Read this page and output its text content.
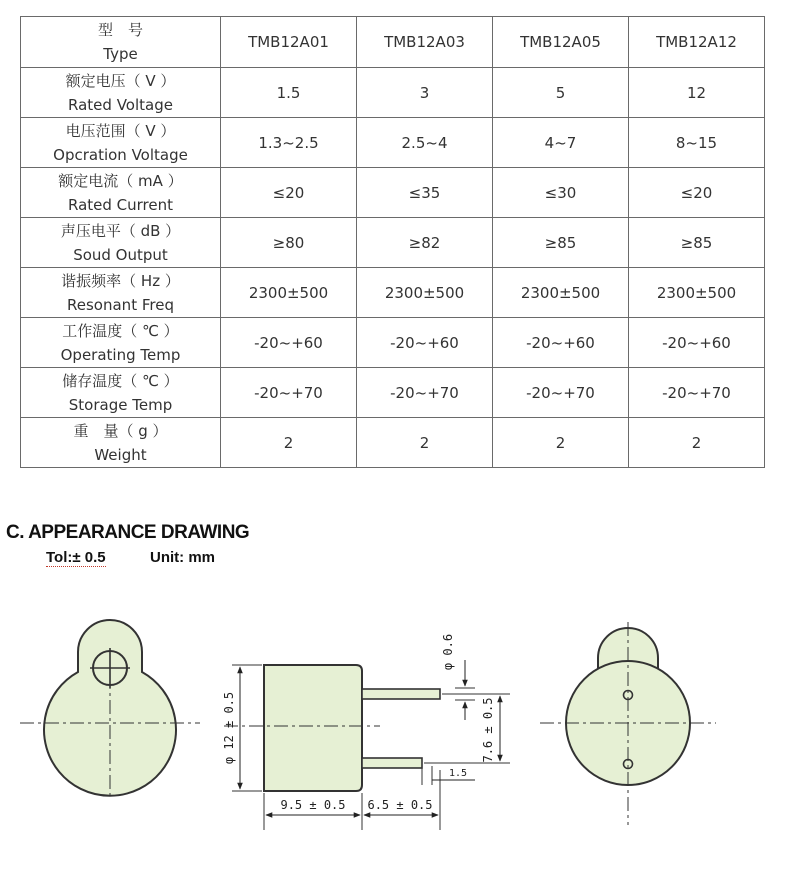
型　号
Type	TMB12A01	TMB12A03	TMB12A05	TMB12A12

额定电压（ V ）
Rated Voltage	1.5	3	5	12

电压范围（ V ）
Opcration Voltage	1.3~2.5	2.5~4	4~7	8~15

额定电流（ mA ）
Rated Current	≤20	≤35	≤30	≤20

声压电平（ dB ）
Soud Output	≥80	≥82	≥85	≥85

谐振频率（ Hz ）
Resonant Freq	2300±500	2300±500	2300±500	2300±500

工作温度（ ℃ ）
Operating Temp	-20~+60	-20~+60	-20~+60	-20~+60

储存温度（ ℃ ）
Storage Temp	-20~+70	-20~+70	-20~+70	-20~+70

重　量（ g ）
Weight	2	2	2	2
C. APPEARANCE DRAWING
Tol:± 0.5	Unit: mm
φ 12 ± 0.5
9.5 ± 0.5 6.5 ± 0.5
φ 0.6
7.6 ± 0.5
1.5
